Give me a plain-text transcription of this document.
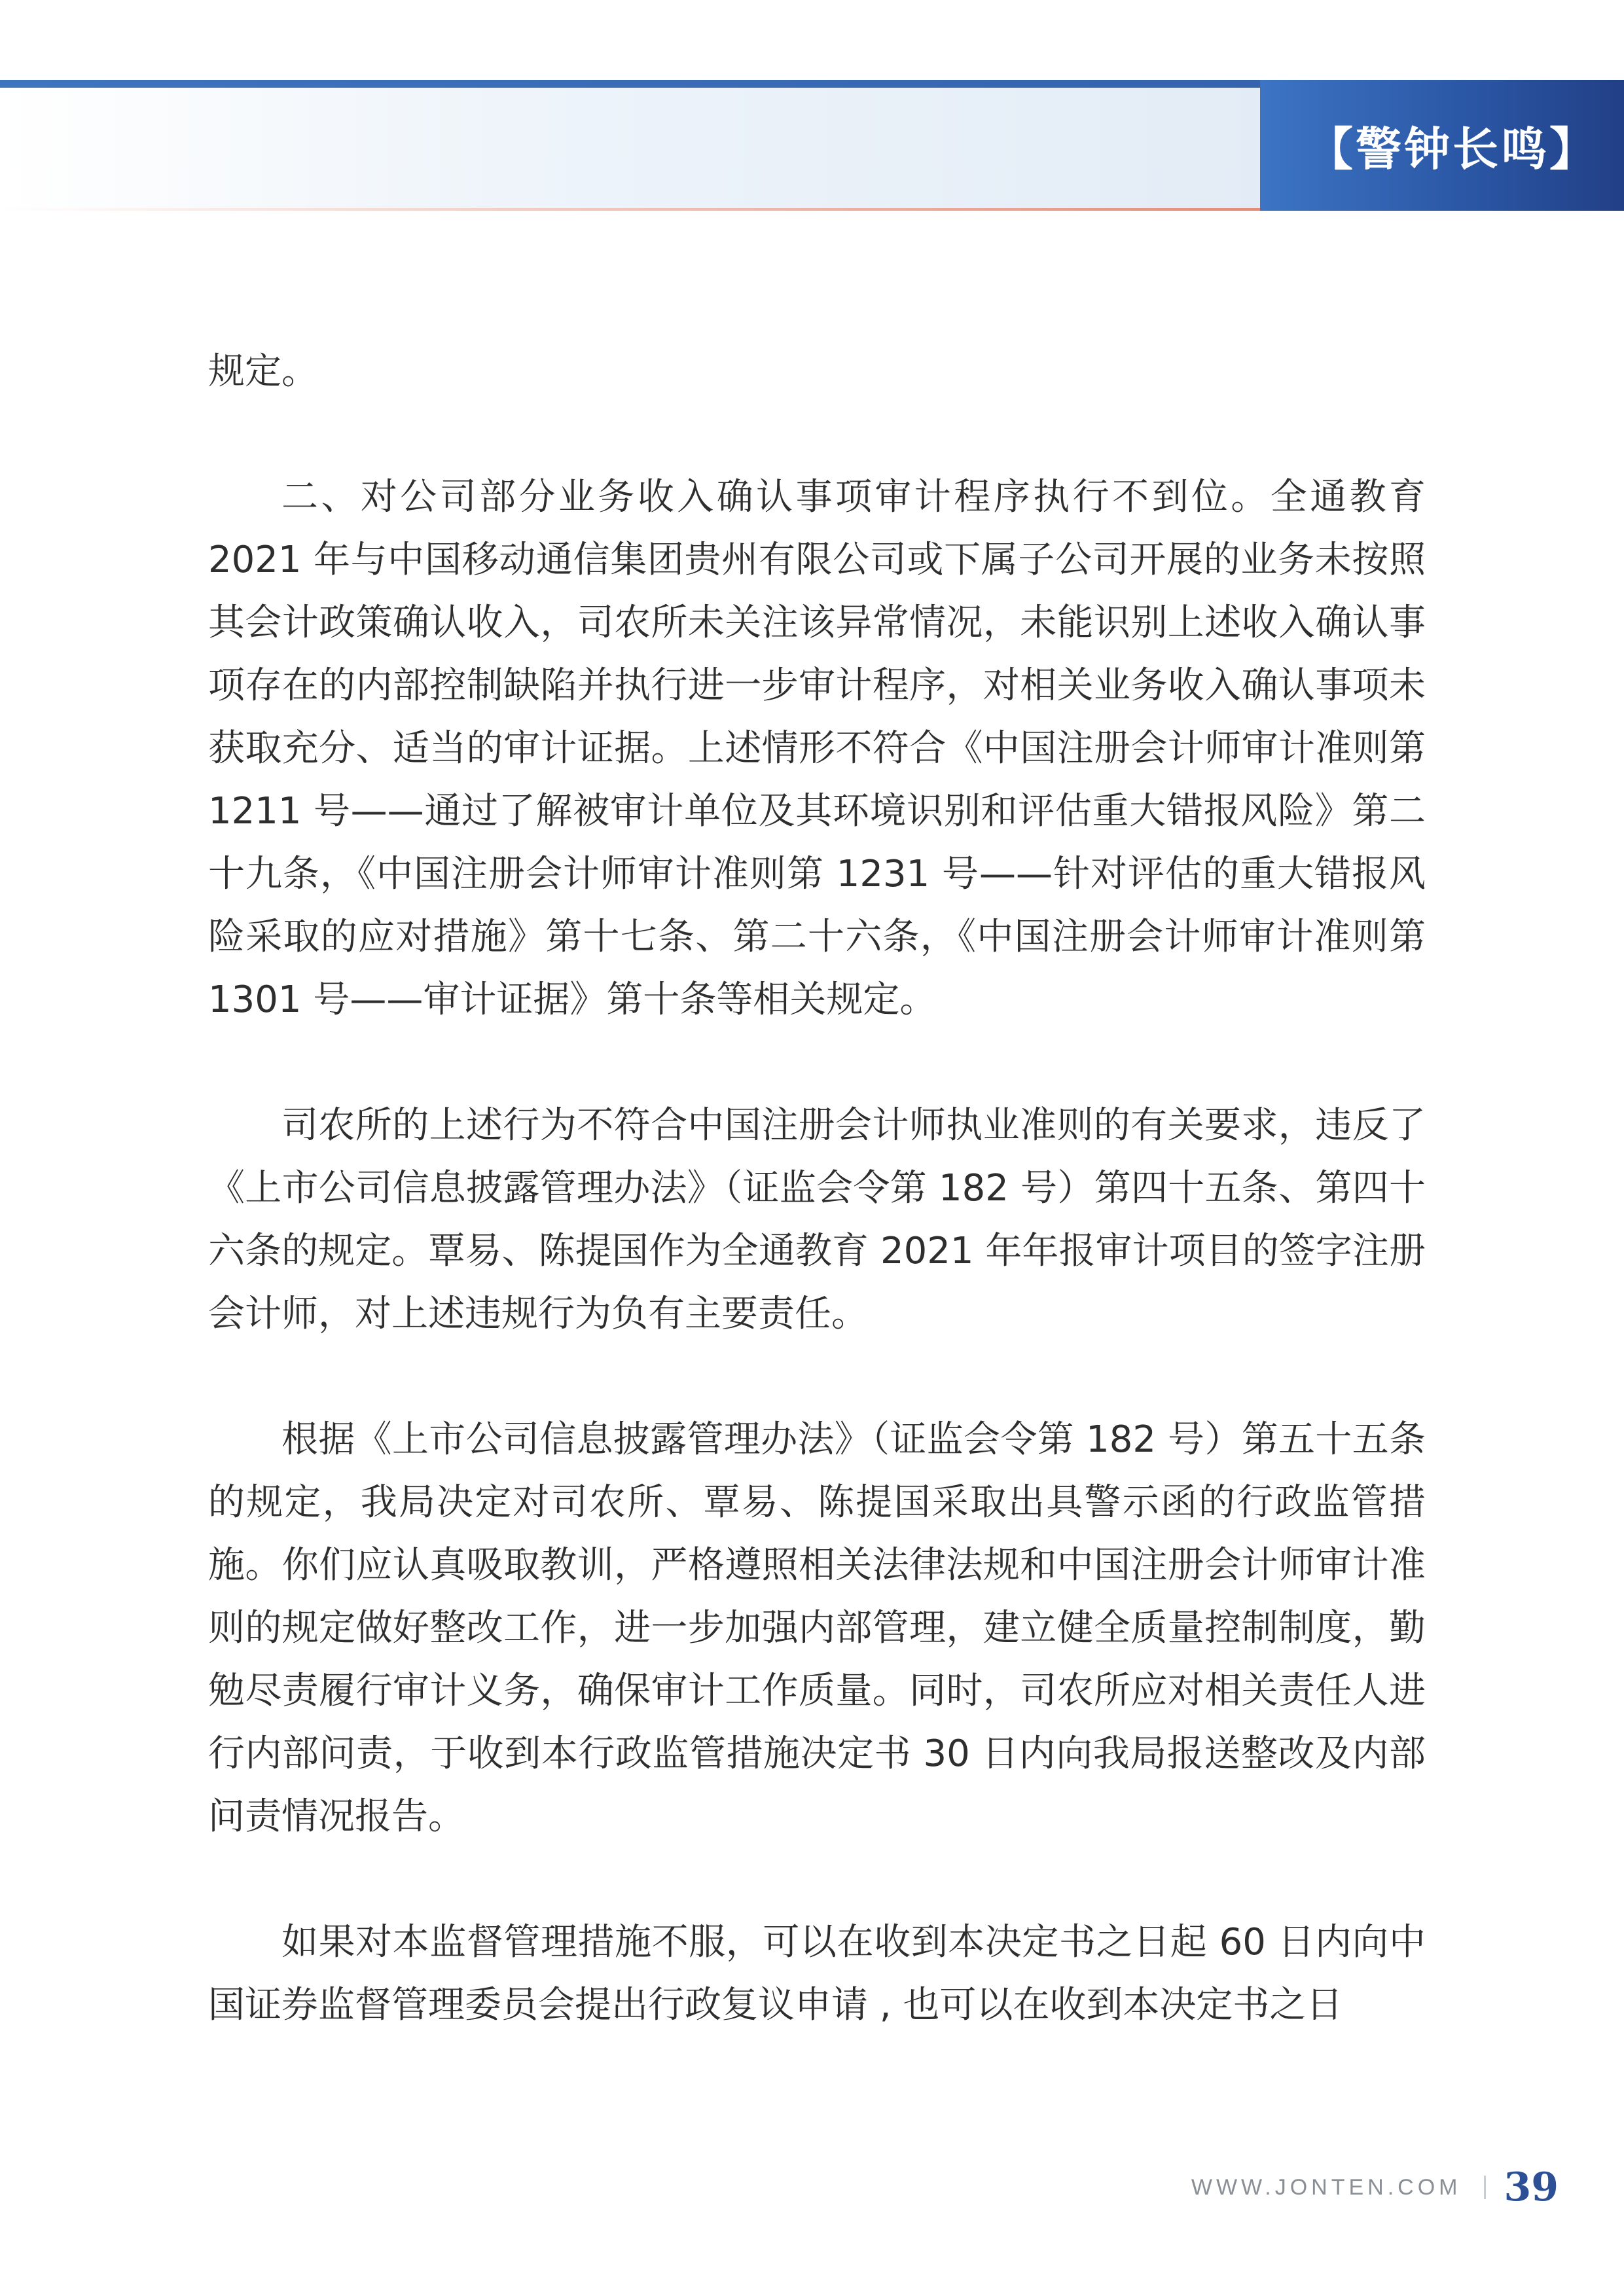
【警钟长鸣】

规定。

二、对公司部分业务收入确认事项审计程序执行不到位。全通教育 2021 年与中国移动通信集团贵州有限公司或下属子公司开展的业务未按照其会计政策确认收入，司农所未关注该异常情况，未能识别上述收入确认事项存在的内部控制缺陷并执行进一步审计程序，对相关业务收入确认事项未获取充分、适当的审计证据。上述情形不符合《中国注册会计师审计准则第 1211 号——通过了解被审计单位及其环境识别和评估重大错报风险》第二十九条，《中国注册会计师审计准则第 1231 号——针对评估的重大错报风险采取的应对措施》第十七条、第二十六条，《中国注册会计师审计准则第 1301 号——审计证据》第十条等相关规定。

司农所的上述行为不符合中国注册会计师执业准则的有关要求，违反了《上市公司信息披露管理办法》（证监会令第 182 号）第四十五条、第四十六条的规定。覃易、陈提国作为全通教育 2021 年年报审计项目的签字注册会计师，对上述违规行为负有主要责任。

根据《上市公司信息披露管理办法》（证监会令第 182 号）第五十五条的规定，我局决定对司农所、覃易、陈提国采取出具警示函的行政监管措施。你们应认真吸取教训，严格遵照相关法律法规和中国注册会计师审计准则的规定做好整改工作，进一步加强内部管理，建立健全质量控制制度，勤勉尽责履行审计义务，确保审计工作质量。同时，司农所应对相关责任人进行内部问责，于收到本行政监管措施决定书 30 日内向我局报送整改及内部问责情况报告。

如果对本监督管理措施不服，可以在收到本决定书之日起 60 日内向中国证券监督管理委员会提出行政复议申请 , 也可以在收到本决定书之日

WWW.JONTEN.COM 39
